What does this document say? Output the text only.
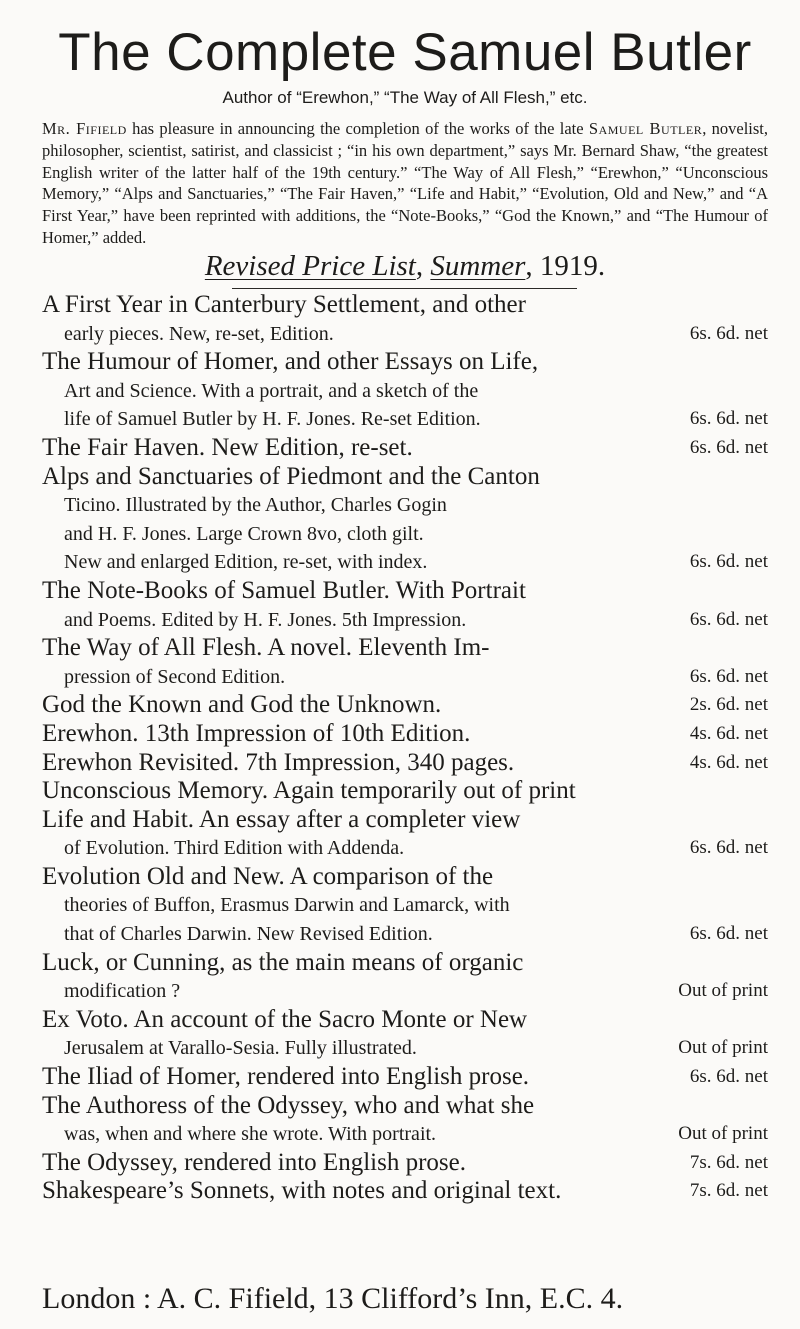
The Complete Samuel Butler
Author of “Erewhon,” “The Way of All Flesh,” etc.
Mr. Fifield has pleasure in announcing the completion of the works of the late Samuel Butler, novelist, philosopher, scientist, satirist, and classicist ; “in his own department,” says Mr. Bernard Shaw, “the greatest English writer of the latter half of the 19th century.” “The Way of All Flesh,” “Erewhon,” “Unconscious Memory,” “Alps and Sanctuaries,” “The Fair Haven,” “Life and Habit,” “Evolution, Old and New,” and “A First Year,” have been reprinted with additions, the “Note-Books,” “God the Known,” and “The Humour of Homer,” added.
Revised Price List, Summer, 1919.
A First Year in Canterbury Settlement, and other
early pieces. New, re-set, Edition.	6s. 6d. net
The Humour of Homer, and other Essays on Life,
Art and Science. With a portrait, and a sketch of the
life of Samuel Butler by H. F. Jones. Re-set Edition.	6s. 6d. net
The Fair Haven. New Edition, re-set.	6s. 6d. net
Alps and Sanctuaries of Piedmont and the Canton
Ticino. Illustrated by the Author, Charles Gogin
and H. F. Jones. Large Crown 8vo, cloth gilt.
New and enlarged Edition, re-set, with index.	6s. 6d. net
The Note-Books of Samuel Butler. With Portrait
and Poems. Edited by H. F. Jones. 5th Impression.	6s. 6d. net
The Way of All Flesh. A novel. Eleventh Im-
pression of Second Edition.	6s. 6d. net
God the Known and God the Unknown.	2s. 6d. net
Erewhon. 13th Impression of 10th Edition.	4s. 6d. net
Erewhon Revisited. 7th Impression, 340 pages.	4s. 6d. net
Unconscious Memory. Again temporarily out of print
Life and Habit. An essay after a completer view
of Evolution. Third Edition with Addenda.	6s. 6d. net
Evolution Old and New. A comparison of the
theories of Buffon, Erasmus Darwin and Lamarck, with
that of Charles Darwin. New Revised Edition.	6s. 6d. net
Luck, or Cunning, as the main means of organic
modification ?	Out of print
Ex Voto. An account of the Sacro Monte or New
Jerusalem at Varallo-Sesia. Fully illustrated.	Out of print
The Iliad of Homer, rendered into English prose.	6s. 6d. net
The Authoress of the Odyssey, who and what she
was, when and where she wrote. With portrait.	Out of print
The Odyssey, rendered into English prose.	7s. 6d. net
Shakespeare’s Sonnets, with notes and original text.	7s. 6d. net
London : A. C. Fifield, 13 Clifford’s Inn, E.C. 4.
